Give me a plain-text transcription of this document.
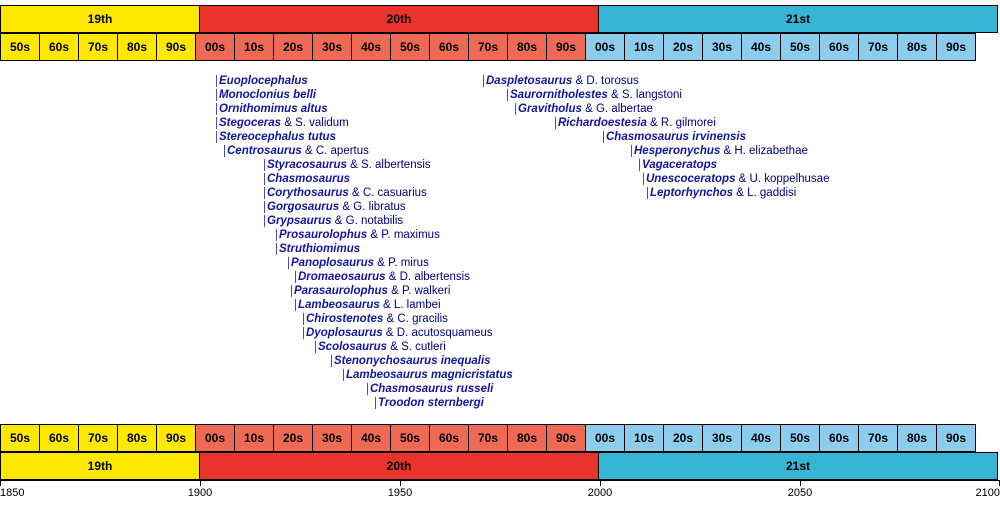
19th	20th	21st
50s	60s	70s	80s	90s	00s	10s	20s	30s	40s	50s	60s	70s	80s	90s	00s	10s	20s	30s	40s	50s	60s	70s	80s	90s
│Euoplocephalus
│Monoclonius belli
│Ornithomimus altus
│Stegoceras & S. validum
│Stereocephalus tutus
│Centrosaurus & C. apertus
│Styracosaurus & S. albertensis
│Chasmosaurus
│Corythosaurus & C. casuarius
│Gorgosaurus & G. libratus
│Grypsaurus & G. notabilis
│Prosaurolophus & P. maximus
│Struthiomimus
│Panoplosaurus & P. mirus
│Dromaeosaurus & D. albertensis
│Parasaurolophus & P. walkeri
│Lambeosaurus & L. lambei
│Chirostenotes & C. gracilis
│Dyoplosaurus & D. acutosquameus
│Scolosaurus & S. cutleri
│Stenonychosaurus inequalis
│Lambeosaurus magnicristatus
│Chasmosaurus russeli
│Troodon sternbergi
│Daspletosaurus & D. torosus
│Saurornitholestes & S. langstoni
│Gravitholus & G. albertae
│Richardoestesia & R. gilmorei
│Chasmosaurus irvinensis
│Hesperonychus & H. elizabethae
│Vagaceratops
│Unescoceratops & U. koppelhusae
│Leptorhynchos & L. gaddisi
50s	60s	70s	80s	90s	00s	10s	20s	30s	40s	50s	60s	70s	80s	90s	00s	10s	20s	30s	40s	50s	60s	70s	80s	90s
19th	20th	21st
1850	1900	1950	2000	2050	2100
